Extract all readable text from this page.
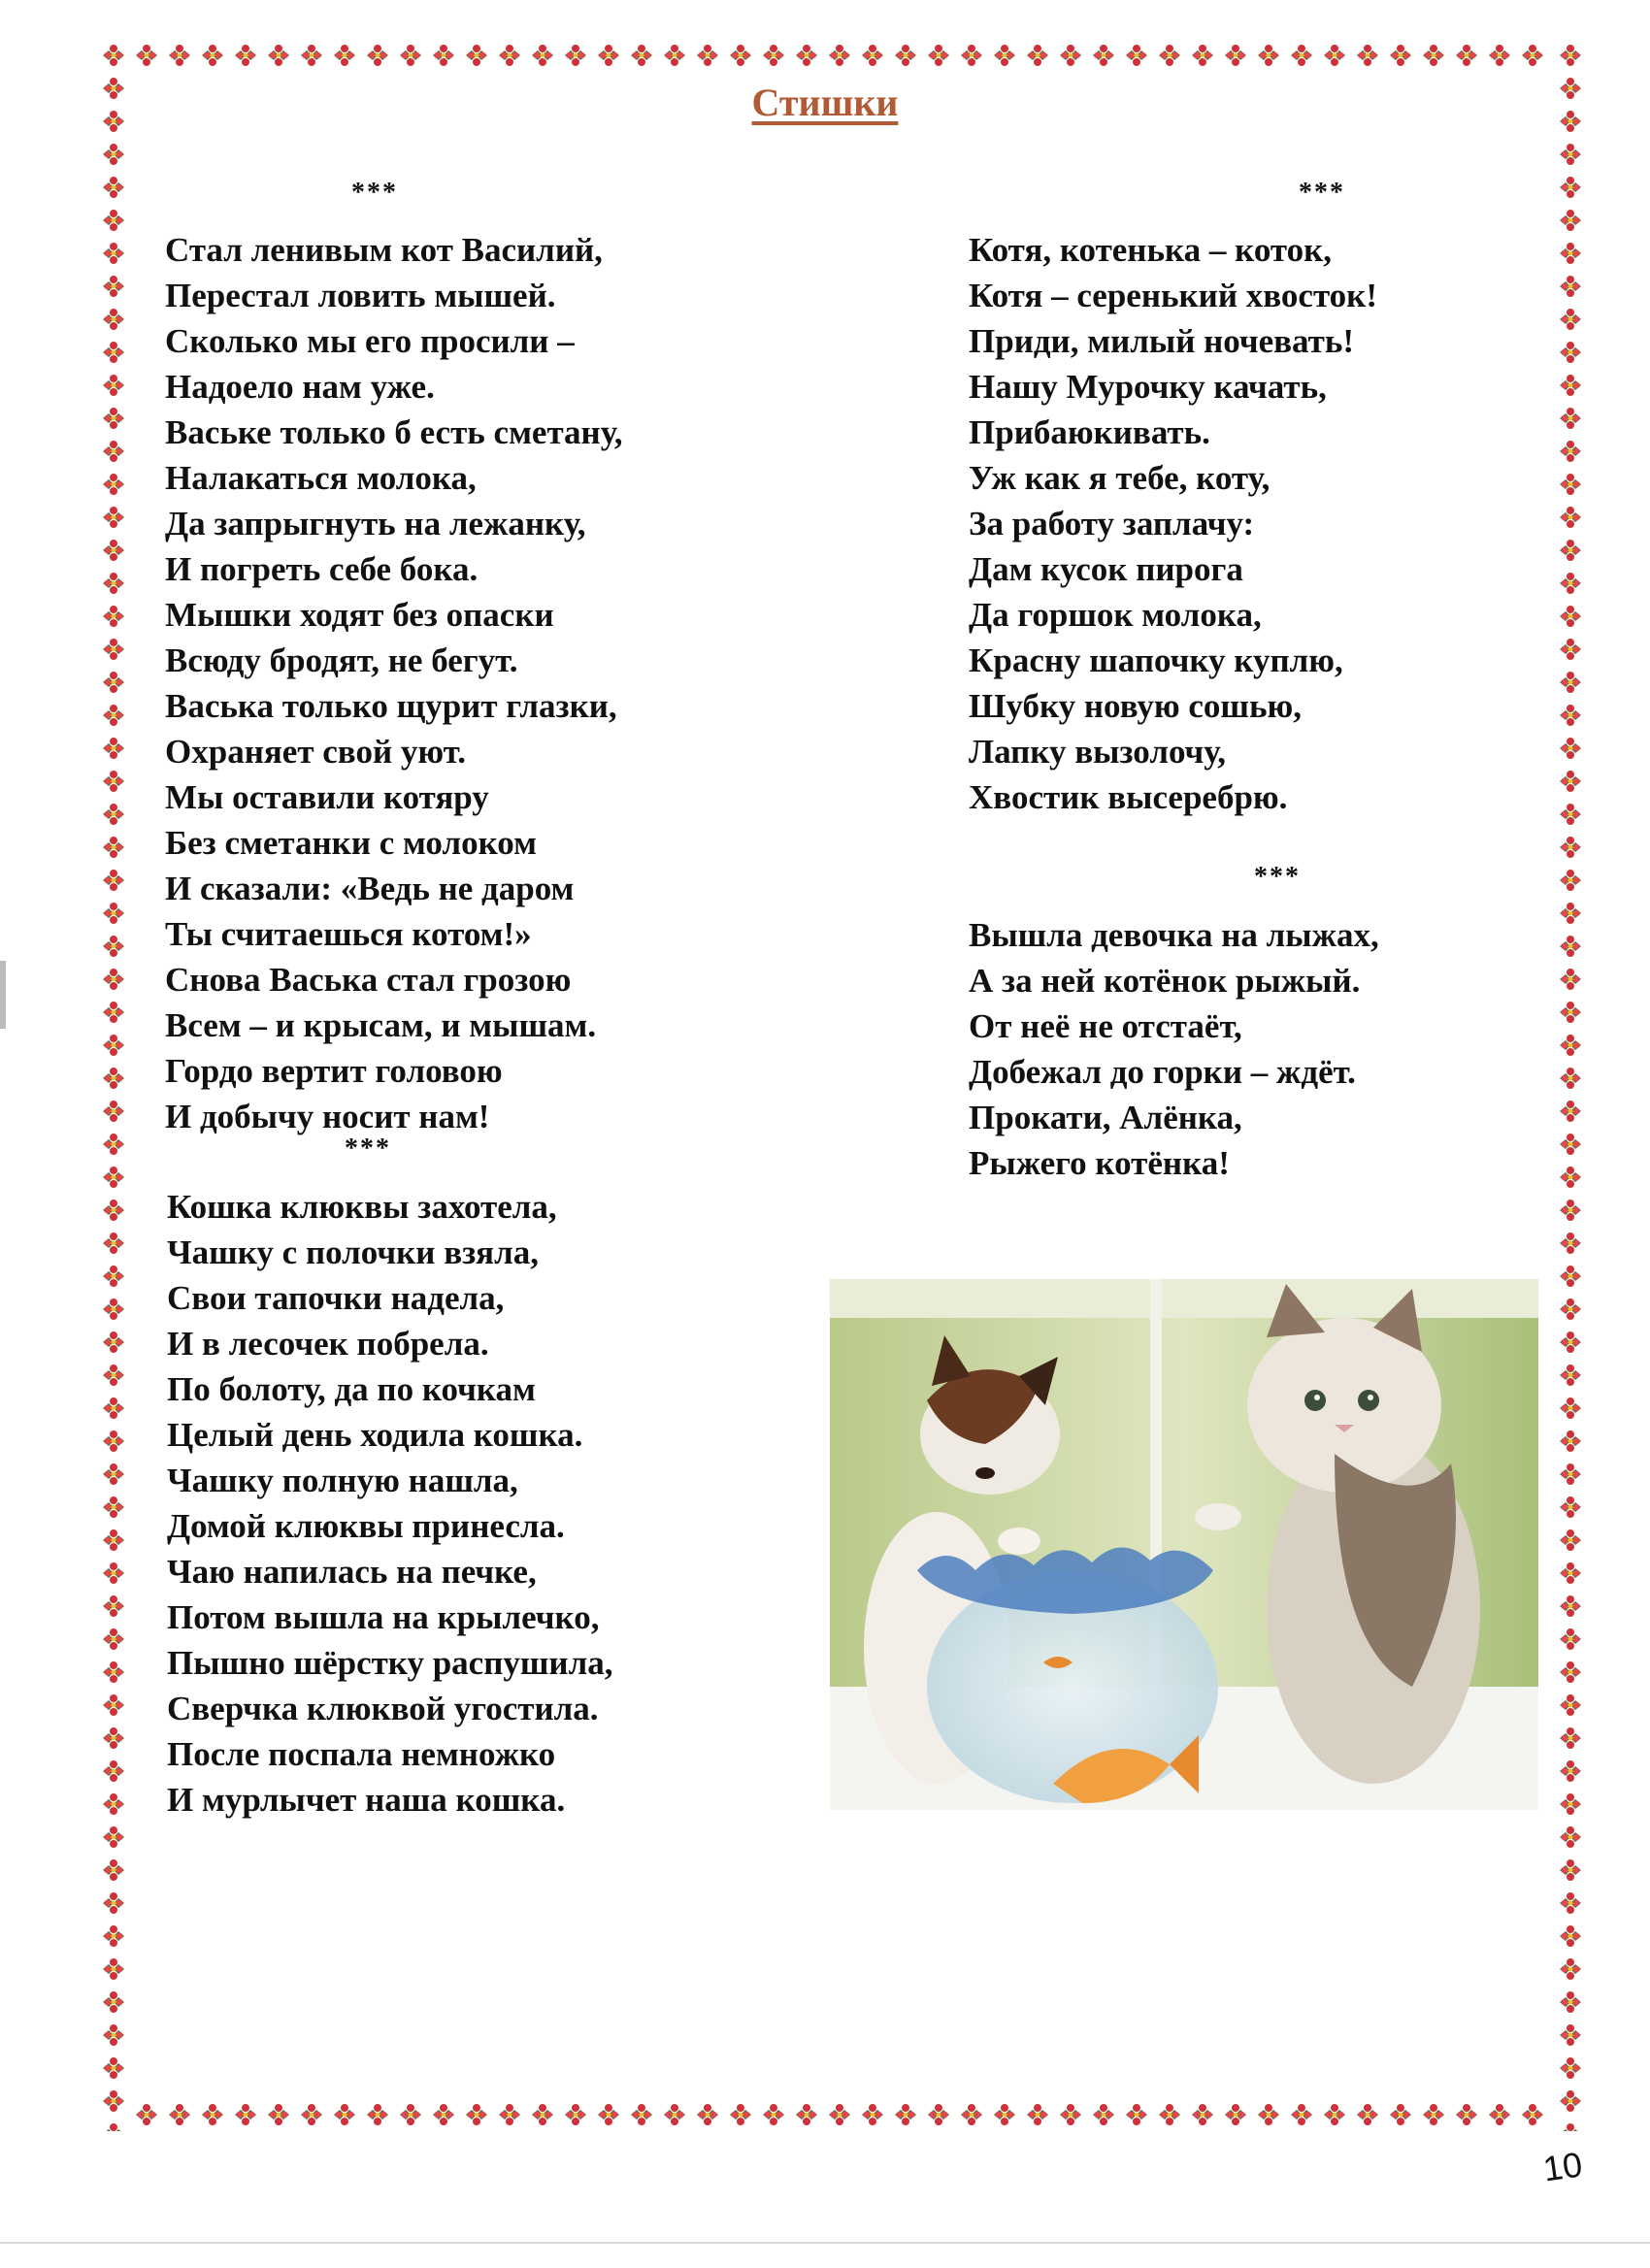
Стишки
***
Стал ленивым кот Василий,
Перестал ловить мышей.
Сколько мы его просили –
Надоело нам уже.
Ваське только б есть сметану,
Налакаться молока,
Да запрыгнуть на лежанку,
И погреть себе бока.
Мышки ходят без опаски
Всюду бродят, не бегут.
Васька только щурит глазки,
Охраняет свой уют.
Мы оставили котяру
Без сметанки с молоком
И сказали: «Ведь не даром
Ты считаешься котом!»
Снова Васька стал грозою
Всем – и крысам, и мышам.
Гордо вертит головою
И добычу носит нам!
***
Кошка клюквы захотела,
Чашку с полочки взяла,
Свои тапочки надела,
И в лесочек побрела.
По болоту, да по кочкам
Целый день ходила кошка.
Чашку полную нашла,
Домой клюквы принесла.
Чаю напилась на печке,
Потом вышла на крылечко,
Пышно шёрстку распушила,
Сверчка клюквой угостила.
После поспала немножко
И мурлычет наша кошка.
***
Котя, котенька – коток,
Котя – серенький хвосток!
Приди, милый ночевать!
Нашу Мурочку качать,
Прибаюкивать.
Уж как я тебе, коту,
За работу заплачу:
Дам кусок пирога
Да горшок молока,
Красну шапочку куплю,
Шубку новую сошью,
Лапку вызолочу,
Хвостик высеребрю.
***
Вышла девочка на лыжах,
А за ней котёнок рыжый.
От неё не отстаёт,
Добежал до горки – ждёт.
Прокати, Алёнка,
Рыжего котёнка!
10
